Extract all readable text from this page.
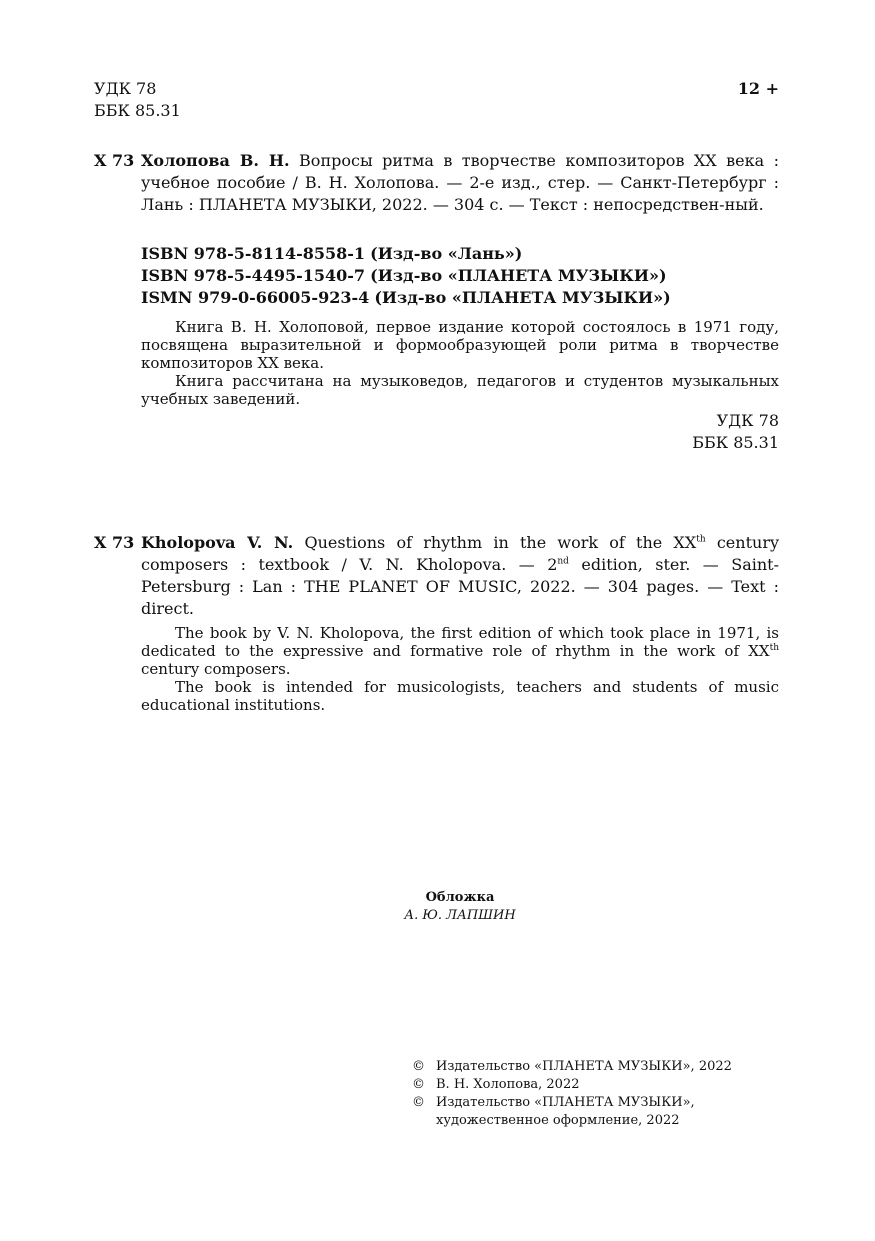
УДК 78
ББК 85.31
12 +
Х 73 Холопова В. Н. Вопросы ритма в творчестве композиторов ХХ века : учебное пособие / В. Н. Холопова. — 2-е изд., стер. — Санкт-Петербург : Лань : ПЛАНЕТА МУЗЫКИ, 2022. — 304 с. — Текст : непосредствен-ный.
ISBN 978-5-8114-8558-1 (Изд-во «Лань»)
ISBN 978-5-4495-1540-7 (Изд-во «ПЛАНЕТА МУЗЫКИ»)
ISMN 979-0-66005-923-4 (Изд-во «ПЛАНЕТА МУЗЫКИ»)
Книга В. Н. Холоповой, первое издание которой состоялось в 1971 году, посвящена выразительной и формообразующей роли ритма в творчестве композиторов ХХ века.
Книга рассчитана на музыковедов, педагогов и студентов музыкальных учебных заведений.
УДК 78
ББК 85.31
Х 73 Kholopova V. N. Questions of rhythm in the work of the XXth century composers : textbook / V. N. Kholopova. — 2nd edition, ster. — Saint-Petersburg : Lan : THE PLANET OF MUSIC, 2022. — 304 pages. — Text : direct.
The book by V. N. Kholopova, the first edition of which took place in 1971, is dedicated to the expressive and formative role of rhythm in the work of XXth century composers.
The book is intended for musicologists, teachers and students of music educational institutions.
Обложка
А. Ю. ЛАПШИН
© Издательство «ПЛАНЕТА МУЗЫКИ», 2022
© В. Н. Холопова, 2022
© Издательство «ПЛАНЕТА МУЗЫКИ», художественное оформление, 2022
